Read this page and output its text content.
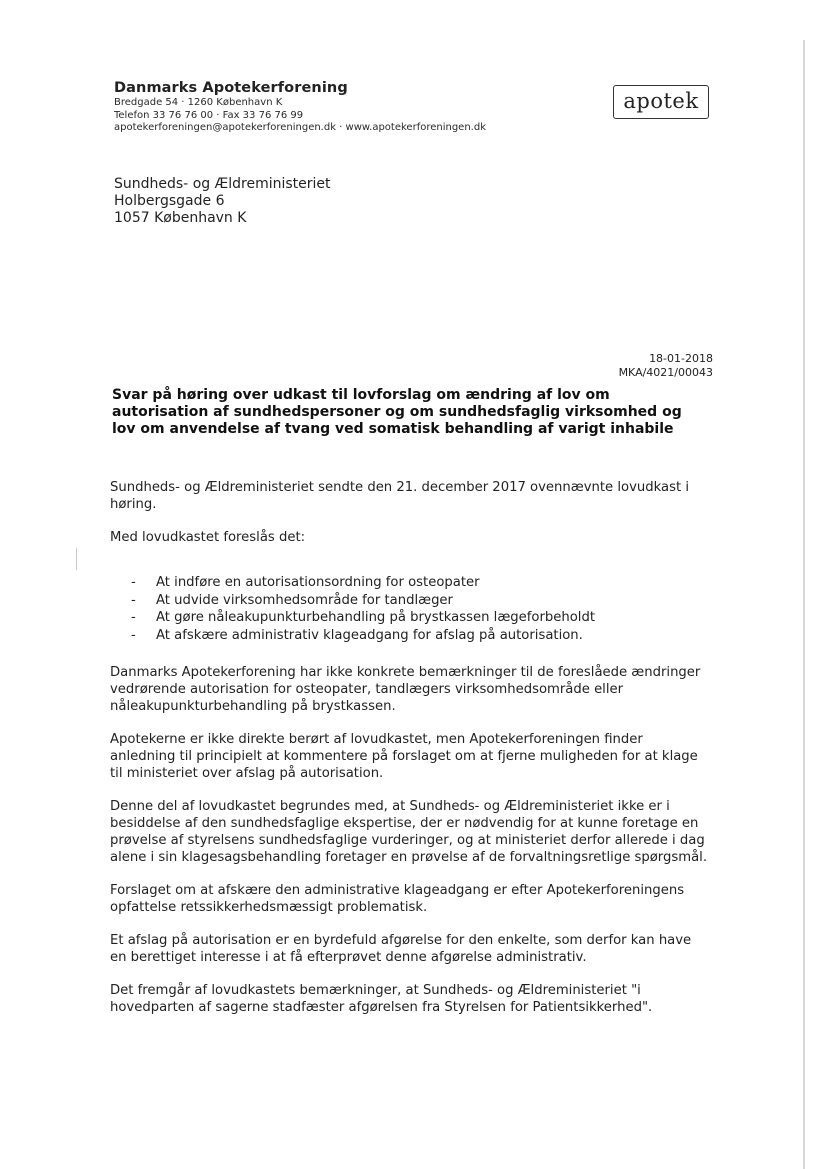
Danmarks Apotekerforening
Bredgade 54 · 1260 København K
Telefon 33 76 76 00 · Fax 33 76 76 99
apotekerforeningen@apotekerforeningen.dk · www.apotekerforeningen.dk
apotek
Sundheds- og Ældreministeriet
Holbergsgade 6
1057 København K
18-01-2018
MKA/4021/00043
Svar på høring over udkast til lovforslag om ændring af lov om autorisation af sundhedspersoner og om sundhedsfaglig virksomhed og lov om anvendelse af tvang ved somatisk behandling af varigt inhabile

Sundheds- og Ældreministeriet sendte den 21. december 2017 ovennævnte lovudkast i høring.

Med lovudkastet foreslås det:

- At indføre en autorisationsordning for osteopater
- At udvide virksomhedsområde for tandlæger
- At gøre nåleakupunkturbehandling på brystkassen lægeforbeholdt
- At afskære administrativ klageadgang for afslag på autorisation.

Danmarks Apotekerforening har ikke konkrete bemærkninger til de foreslåede ændringer vedrørende autorisation for osteopater, tandlægers virksomhedsområde eller nåleakupunkturbehandling på brystkassen.

Apotekerne er ikke direkte berørt af lovudkastet, men Apotekerforeningen finder anledning til principielt at kommentere på forslaget om at fjerne muligheden for at klage til ministeriet over afslag på autorisation.

Denne del af lovudkastet begrundes med, at Sundheds- og Ældreministeriet ikke er i besiddelse af den sundhedsfaglige ekspertise, der er nødvendig for at kunne foretage en prøvelse af styrelsens sundhedsfaglige vurderinger, og at ministeriet derfor allerede i dag alene i sin klagesagsbehandling foretager en prøvelse af de forvaltningsretlige spørgsmål.

Forslaget om at afskære den administrative klageadgang er efter Apotekerforeningens opfattelse retssikkerhedsmæssigt problematisk.

Et afslag på autorisation er en byrdefuld afgørelse for den enkelte, som derfor kan have en berettiget interesse i at få efterprøvet denne afgørelse administrativ.

Det fremgår af lovudkastets bemærkninger, at Sundheds- og Ældreministeriet "i hovedparten af sagerne stadfæster afgørelsen fra Styrelsen for Patientsikkerhed".
